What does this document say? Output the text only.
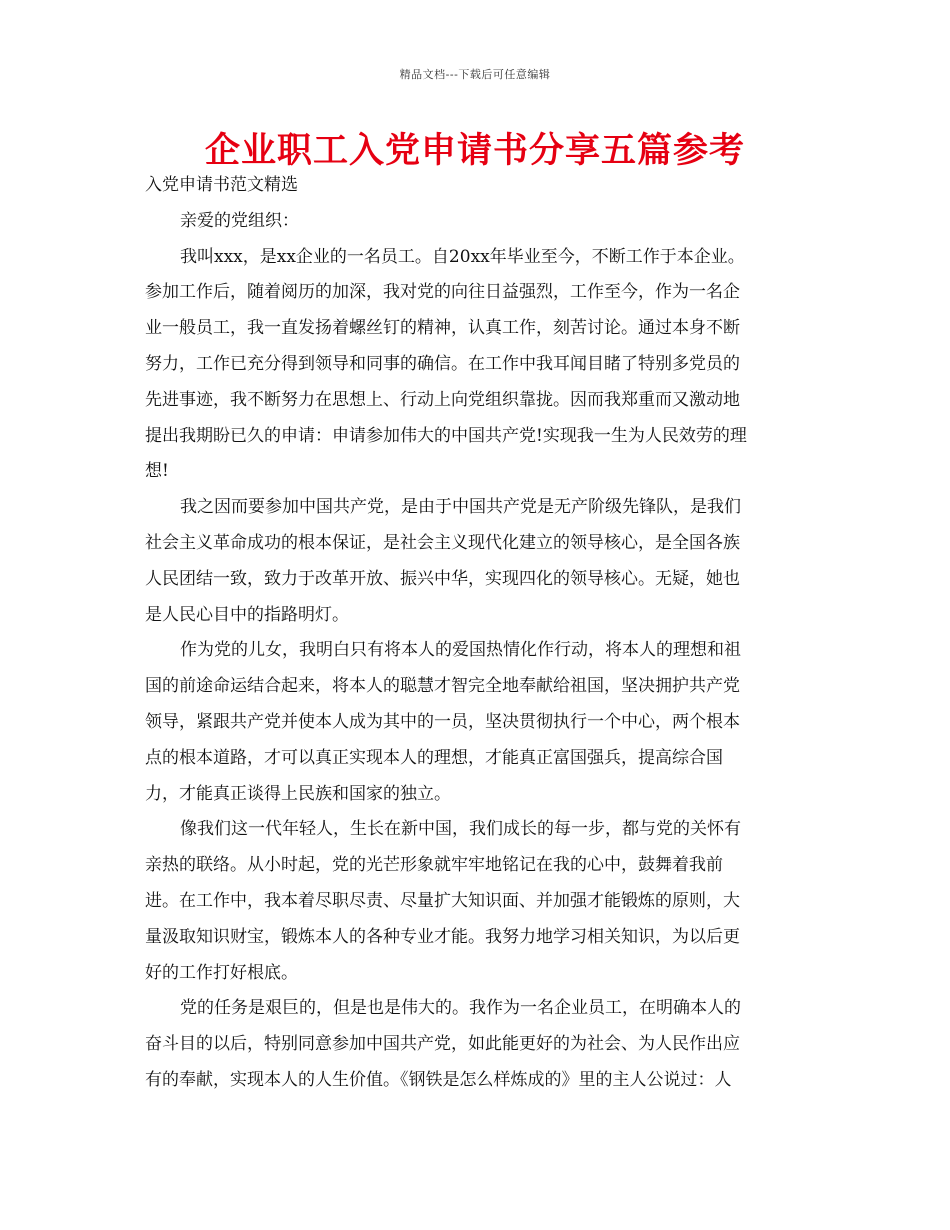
精品文档---下载后可任意编辑
企业职工入党申请书分享五篇参考
入党申请书范文精选
亲爱的党组织：
我叫xxx，是xx企业的一名员工。自20xx年毕业至今，不断工作于本企业。
参加工作后，随着阅历的加深，我对党的向往日益强烈，工作至今，作为一名企
业一般员工，我一直发扬着螺丝钉的精神，认真工作，刻苦讨论。通过本身不断
努力，工作已充分得到领导和同事的确信。在工作中我耳闻目睹了特别多党员的
先进事迹，我不断努力在思想上、行动上向党组织靠拢。因而我郑重而又激动地
提出我期盼已久的申请：申请参加伟大的中国共产党!实现我一生为人民效劳的理
想!
我之因而要参加中国共产党，是由于中国共产党是无产阶级先锋队，是我们
社会主义革命成功的根本保证，是社会主义现代化建立的领导核心，是全国各族
人民团结一致，致力于改革开放、振兴中华，实现四化的领导核心。无疑，她也
是人民心目中的指路明灯。
作为党的儿女，我明白只有将本人的爱国热情化作行动，将本人的理想和祖
国的前途命运结合起来，将本人的聪慧才智完全地奉献给祖国，坚决拥护共产党
领导，紧跟共产党并使本人成为其中的一员，坚决贯彻执行一个中心，两个根本
点的根本道路，才可以真正实现本人的理想，才能真正富国强兵，提高综合国
力，才能真正谈得上民族和国家的独立。
像我们这一代年轻人，生长在新中国，我们成长的每一步，都与党的关怀有
亲热的联络。从小时起，党的光芒形象就牢牢地铭记在我的心中，鼓舞着我前
进。在工作中，我本着尽职尽责、尽量扩大知识面、并加强才能锻炼的原则，大
量汲取知识财宝，锻炼本人的各种专业才能。我努力地学习相关知识，为以后更
好的工作打好根底。
党的任务是艰巨的，但是也是伟大的。我作为一名企业员工，在明确本人的
奋斗目的以后，特别同意参加中国共产党，如此能更好的为社会、为人民作出应
有的奉献，实现本人的人生价值。《钢铁是怎么样炼成的》里的主人公说过：人
